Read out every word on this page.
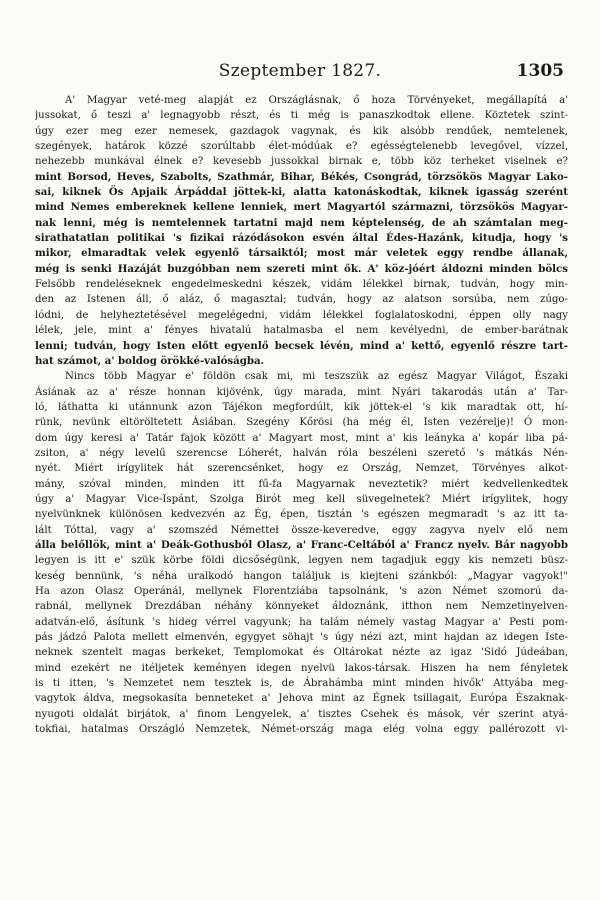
Szeptember 1827.	1305
A' Magyar veté-meg alapját ez Országlásnak, ő hoza Törvényeket, megállapítá a'
jussokat, ő teszi a' legnagyobb részt, és ti még is panaszkodtok ellene. Köztetek szint-
úgy ezer meg ezer nemesek, gazdagok vagynak, és kik alsóbb rendűek, nemtelenek,
szegények, határok közzé szorúltabb élet-módúak e? egésségtelenebb levegővel, vízzel,
nehezebb munkával élnek e? kevesebb jussokkal birnak e, több köz terheket viselnek e?
mint Borsod, Heves, Szabolts, Szathmár, Bihar, Békés, Csongrád, törzsökös Magyar Lako-
sai, kiknek Ös Apjaik Árpáddal jöttek-ki, alatta katonáskodtak, kiknek igasság szerént
mind Nemes embereknek kellene lenniek, mert Magyartól származni, törzsökös Magyar-
nak lenni, még is nemtelennek tartatni majd nem képtelenség, de ah számtalan meg-
sirathatatlan politikai 's fizikai rázódásokon esvén által Édes-Hazánk, kitudja, hogy 's
mikor, elmaradtak velek egyenlő társaiktól; most már veletek eggy rendbe állanak,
még is senki Hazáját buzgóbban nem szereti mint ők. A' köz-jóért áldozni minden bölcs
Felsőbb rendeléseknek engedelmeskedni készek, vidám lélekkel birnak, tudván, hogy min-
den az Istenen áll, ő aláz, ő magasztal; tudván, hogy az alatson sorsúba, nem zúgo-
lódni, de helyheztetésével megelégedni, vidám lélekkel foglalatoskodni, éppen olly nagy
lélek, jele, mint a' fényes hivatalú hatalmasba el nem kevélyedni, de ember-barátnak
lenni; tudván, hogy Isten előtt egyenlő becsek lévén, mind a' kettő, egyenlő részre tart-
hat számot, a' boldog örökké-valóságba.
Nincs több Magyar e' földön csak mi, mi teszszük az egész Magyar Világot, Északi
Ásiának az a' része honnan kijövénk, úgy marada, mint Nyári takarodás után a' Tar-
ló, láthatta ki utánnunk azon Tájékon megfordúlt, kik jöttek-el 's kik maradtak ott, hí-
rünk, nevünk eltöröltetett Ásiában. Szegény Kőrösi (ha még él, Isten vezérelje)! Ó mon-
dom úgy keresi a' Tatár fajok között a' Magyart most, mint a' kis leányka a' kopár liba pá-
zsiton, a' négy levelű szerencse Lóherét, halván róla beszéleni szerető 's mátkás Nén-
nyét. Miért irígylitek hát szerencsénket, hogy ez Ország, Nemzet, Törvényes alkot-
mány, szóval minden, minden itt fű-fa Magyarnak neveztetik? miért kedvellenkedtek
úgy a' Magyar Vice-Ispánt, Szolga Birót meg kell süvegelnetek? Miért irígylitek, hogy
nyelvünknek különösen kedvezvén az Ég, épen, tisztán 's egészen megmaradt 's az itt ta-
lált Tóttal, vagy a' szomszéd Németteł össze-keveredve, eggy zagyva nyelv elő nem
álla belőllök, mint a' Deák-Gothusból Olasz, a' Franc-Celtából a' Francz nyelv. Bár nagyobb
legyen is itt e' szük körbe földi dicsőségünk, legyen nem tagadjuk eggy kis nemzeti büsz-
keség bennünk, 's néha uralkodó hangon találjuk is kiejteni szánkból: „Magyar vagyok!"
Ha azon Olasz Operánál, mellynek Florentziába tapsolnánk, 's azon Német szomorú da-
rabnál, mellynek Drezdában néhány könnyeket áldoznánk, itthon nem Nemzetinyelven-
adatván-elő, ásítunk 's hideg vérrel vagyunk; ha talám némely vastag Magyar a' Pesti pom-
pás jádzó Palota mellett elmenvén, egygyet söhajt 's úgy nézi azt, mint hajdan az idegen Iste-
neknek szentelt magas berkeket, Templomokat és Oltárokat nézte az igaz 'Sidó Júdeában,
mind ezekért ne itéljetek keményen idegen nyelvü lakos-társak. Hiszen ha nem fényletek
is ti itten, 's Nemzetet nem tesztek is, de Ábrahámba mint minden hivők' Attyába meg-
vagytok áldva, megsokasíta benneteket a' Jehova mint az Égnek tsillagait, Európa Északnak-
nyugoti oldalát birjátok, a' finom Lengyelek, a' tisztes Csehek és mások, vér szerint atyá-
tokfiai, hatalmas Országló Nemzetek, Német-ország maga elég volna eggy pallérozott vi-
